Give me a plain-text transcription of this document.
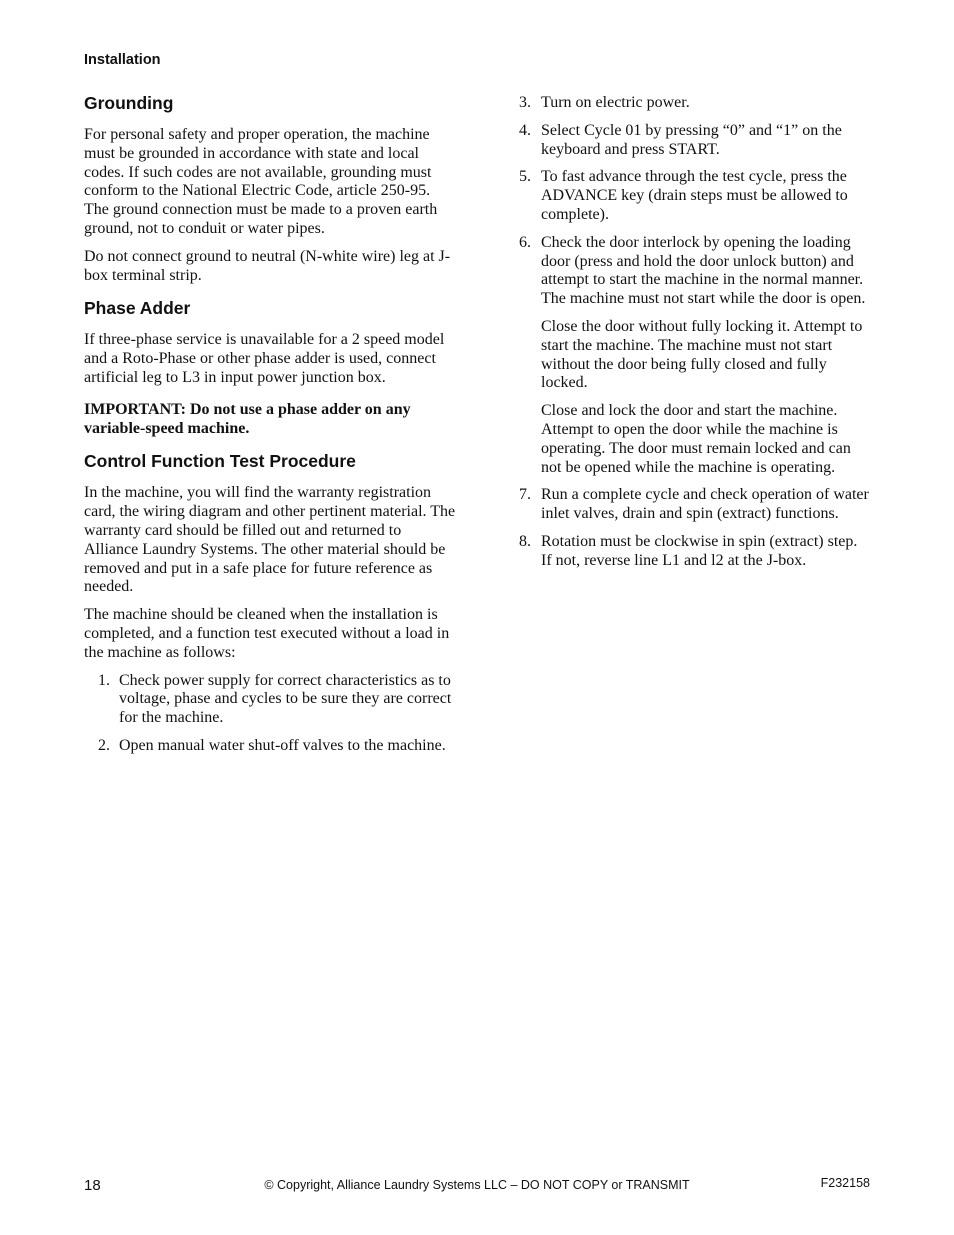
Installation
Grounding

For personal safety and proper operation, the machine must be grounded in accordance with state and local codes. If such codes are not available, grounding must conform to the National Electric Code, article 250-95. The ground connection must be made to a proven earth ground, not to conduit or water pipes.

Do not connect ground to neutral (N-white wire) leg at J-box terminal strip.

Phase Adder

If three-phase service is unavailable for a 2 speed model and a Roto-Phase or other phase adder is used, connect artificial leg to L3 in input power junction box.

IMPORTANT: Do not use a phase adder on any variable-speed machine.

Control Function Test Procedure

In the machine, you will find the warranty registration card, the wiring diagram and other pertinent material. The warranty card should be filled out and returned to Alliance Laundry Systems. The other material should be removed and put in a safe place for future reference as needed.

The machine should be cleaned when the installation is completed, and a function test executed without a load in the machine as follows:

1. Check power supply for correct characteristics as to voltage, phase and cycles to be sure they are correct for the machine.
2. Open manual water shut-off valves to the machine.
3. Turn on electric power.
4. Select Cycle 01 by pressing “0” and “1” on the keyboard and press START.
5. To fast advance through the test cycle, press the ADVANCE key (drain steps must be allowed to complete).
6. Check the door interlock by opening the loading door (press and hold the door unlock button) and attempt to start the machine in the normal manner. The machine must not start while the door is open.
Close the door without fully locking it. Attempt to start the machine. The machine must not start without the door being fully closed and fully locked.
Close and lock the door and start the machine. Attempt to open the door while the machine is operating. The door must remain locked and can not be opened while the machine is operating.
7. Run a complete cycle and check operation of water inlet valves, drain and spin (extract) functions.
8. Rotation must be clockwise in spin (extract) step. If not, reverse line L1 and l2 at the J-box.
18	© Copyright, Alliance Laundry Systems LLC – DO NOT COPY or TRANSMIT	F232158
